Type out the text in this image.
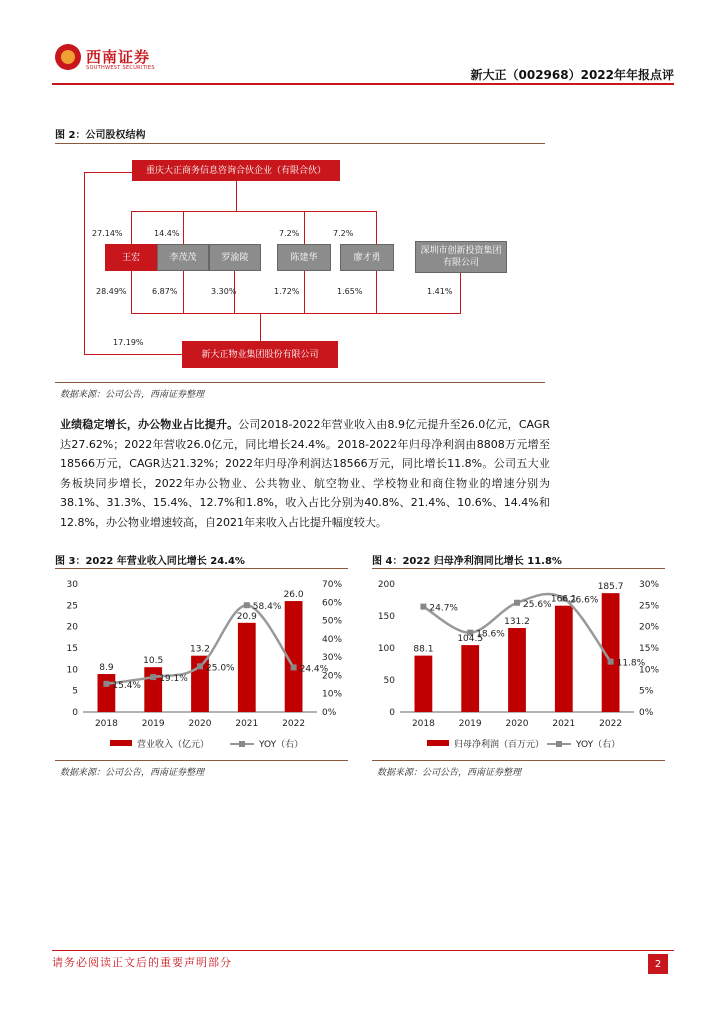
西南证券
SOUTHWEST SECURITIES	新大正（002968）2022年年报点评
图 2：公司股权结构
重庆大正商务信息咨询合伙企业（有限合伙）
王宏	李茂茂	罗渝陵	陈建华	廖才勇
深圳市创新投资集团有限公司
27.14%	14.4%	7.2%	7.2%
28.49%	6.87%	3.30%	1.72%	1.65%	1.41%
17.19%
新大正物业集团股份有限公司
数据来源：公司公告，西南证券整理
业绩稳定增长，办公物业占比提升。公司2018-2022年营业收入由8.9亿元提升至26.0亿元，CAGR达27.62%；2022年营收26.0亿元，同比增长24.4%。2018-2022年归母净利润由8808万元增至18566万元，CAGR达21.32%；2022年归母净利润达18566万元，同比增长11.8%。公司五大业务板块同步增长，2022年办公物业、公共物业、航空物业、学校物业和商住物业的增速分别为38.1%、31.3%、15.4%、12.7%和1.8%，收入占比分别为40.8%、21.4%、10.6%、14.4%和12.8%，办公物业增速较高，自2021年来收入占比提升幅度较大。
图 3：2022 年营业收入同比增长 24.4%
0
5
10
15
20
25
30
0%
10%
20%
30%
40%
50%
60%
70%
2018	2019	2020	2021	2022
8.9
10.5
13.2
20.9
26.0
15.4%
19.1%
25.0%
58.4%
24.4%
营业收入（亿元）	YOY（右）
数据来源：公司公告，西南证券整理
图 4：2022 归母净利润同比增长 11.8%
0
50
100
150
200
0%
5%
10%
15%
20%
25%
30%
2018	2019	2020	2021	2022
88.1
104.5
131.2
166.1
185.7
24.7%
18.6%
25.6% 26.6%
11.8%
归母净利润（百万元）	YOY（右）
数据来源：公司公告，西南证券整理
请务必阅读正文后的重要声明部分	2
